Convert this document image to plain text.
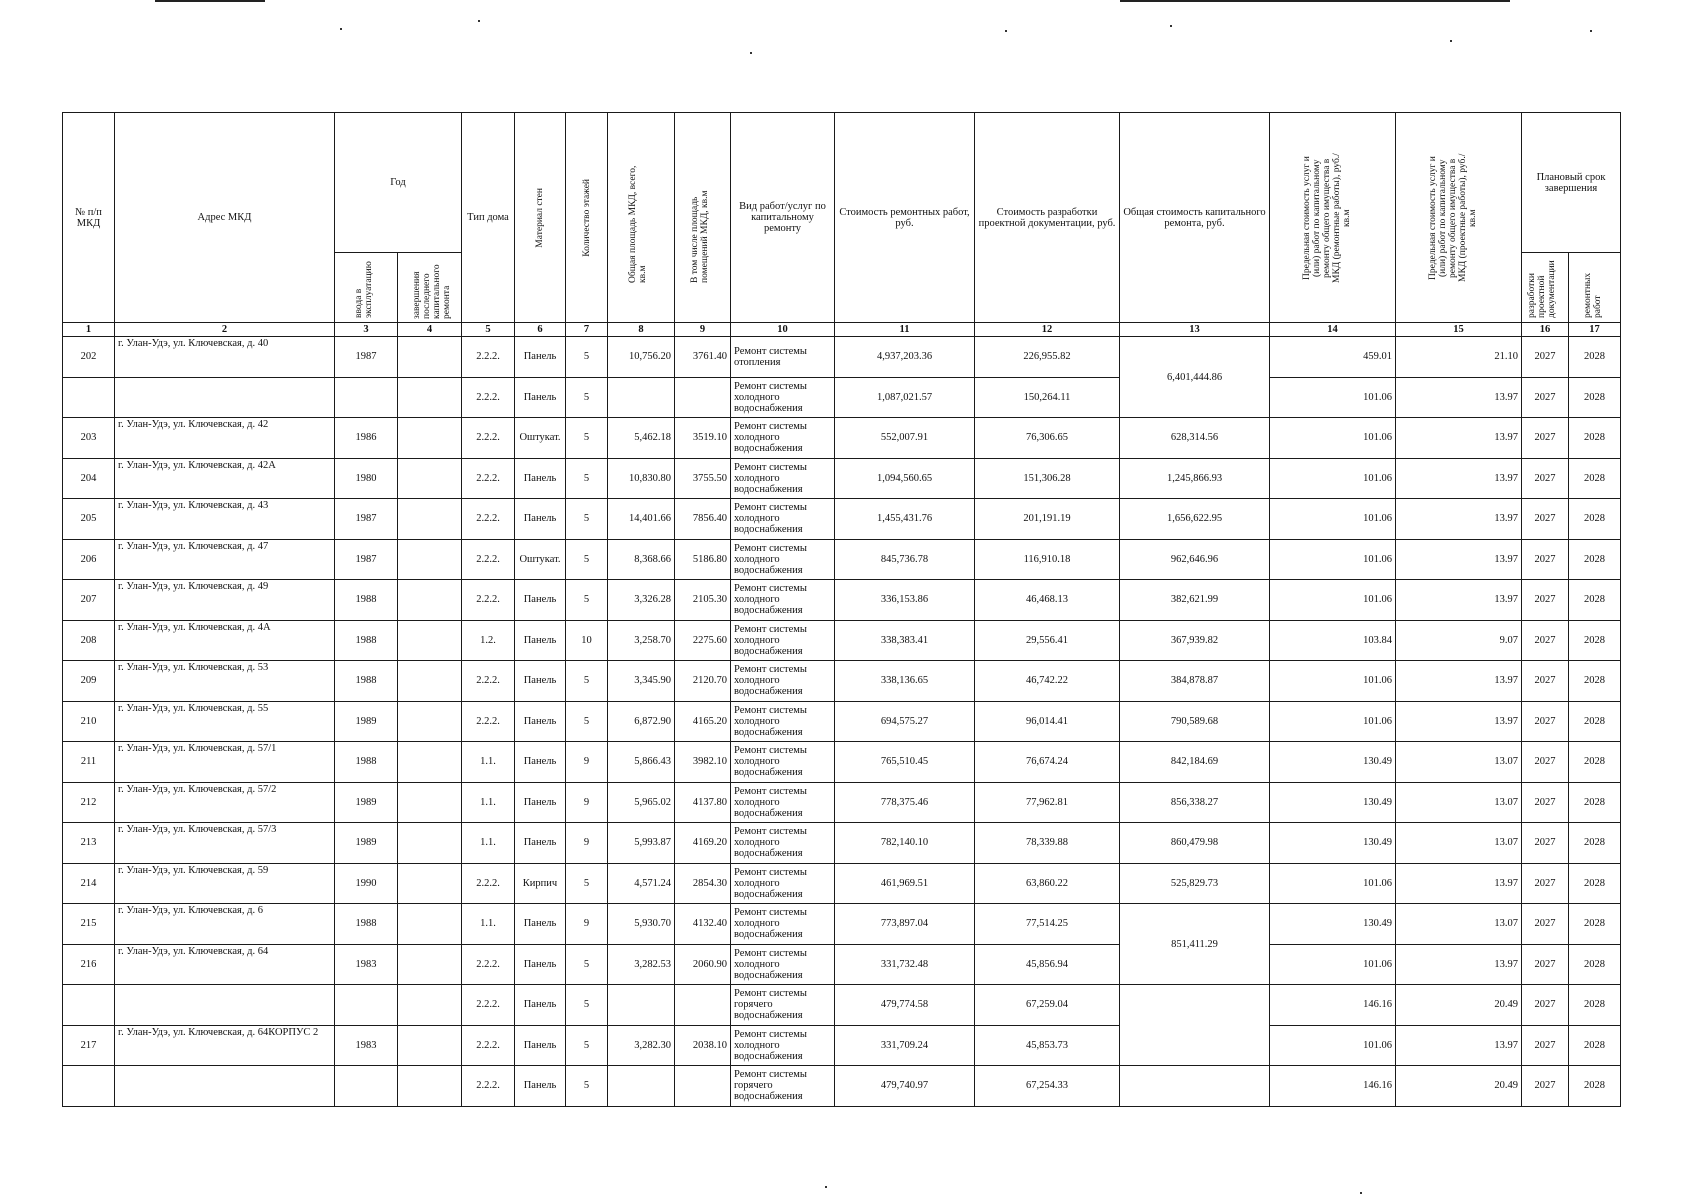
№ п/п МКД	Адрес МКД	Год		Тип дома	Материал стен	Количество этажей	Общая площадь МКД, всего, кв.м	В том числе площадь помещений МКД, кв.м	Вид работ/услуг по капитальному ремонту	Стоимость ремонтных работ, руб.	Стоимость разработки проектной документации, руб.	Общая стоимость капитального ремонта, руб.	Предельная стоимость услуг и (или) работ по капитальному ремонту общего имущества в МКД (ремонтные работы), руб./кв.м	Предельная стоимость услуг и (или) работ по капитальному ремонту общего имущества в МКД (проектные работы), руб./кв.м	Плановый срок завершения	

		ввода в эксплуатацию	завершения последнего капитального ремонта												разработки проектной документации	ремонтных работ

1	2	3	4	5	6	7	8	9	10	11	12	13	14	15	16	17
202	г. Улан-Удэ, ул. Ключевская, д. 40	1987		2.2.2.	Панель	5	10,756.20	3761.40	Ремонт системы отопления	4,937,203.36	226,955.82	6,401,444.86	459.01	21.10	2027	2028
				2.2.2.	Панель	5			Ремонт системы холодного водоснабжения	1,087,021.57	150,264.11		101.06	13.97	2027	2028
203	г. Улан-Удэ, ул. Ключевская, д. 42	1986		2.2.2.	Оштукат.	5	5,462.18	3519.10	Ремонт системы холодного водоснабжения	552,007.91	76,306.65	628,314.56	101.06	13.97	2027	2028
204	г. Улан-Удэ, ул. Ключевская, д. 42А	1980		2.2.2.	Панель	5	10,830.80	3755.50	Ремонт системы холодного водоснабжения	1,094,560.65	151,306.28	1,245,866.93	101.06	13.97	2027	2028
205	г. Улан-Удэ, ул. Ключевская, д. 43	1987		2.2.2.	Панель	5	14,401.66	7856.40	Ремонт системы холодного водоснабжения	1,455,431.76	201,191.19	1,656,622.95	101.06	13.97	2027	2028
206	г. Улан-Удэ, ул. Ключевская, д. 47	1987		2.2.2.	Оштукат.	5	8,368.66	5186.80	Ремонт системы холодного водоснабжения	845,736.78	116,910.18	962,646.96	101.06	13.97	2027	2028
207	г. Улан-Удэ, ул. Ключевская, д. 49	1988		2.2.2.	Панель	5	3,326.28	2105.30	Ремонт системы холодного водоснабжения	336,153.86	46,468.13	382,621.99	101.06	13.97	2027	2028
208	г. Улан-Удэ, ул. Ключевская, д. 4А	1988		1.2.	Панель	10	3,258.70	2275.60	Ремонт системы холодного водоснабжения	338,383.41	29,556.41	367,939.82	103.84	9.07	2027	2028
209	г. Улан-Удэ, ул. Ключевская, д. 53	1988		2.2.2.	Панель	5	3,345.90	2120.70	Ремонт системы холодного водоснабжения	338,136.65	46,742.22	384,878.87	101.06	13.97	2027	2028
210	г. Улан-Удэ, ул. Ключевская, д. 55	1989		2.2.2.	Панель	5	6,872.90	4165.20	Ремонт системы холодного водоснабжения	694,575.27	96,014.41	790,589.68	101.06	13.97	2027	2028
211	г. Улан-Удэ, ул. Ключевская, д. 57/1	1988		1.1.	Панель	9	5,866.43	3982.10	Ремонт системы холодного водоснабжения	765,510.45	76,674.24	842,184.69	130.49	13.07	2027	2028
212	г. Улан-Удэ, ул. Ключевская, д. 57/2	1989		1.1.	Панель	9	5,965.02	4137.80	Ремонт системы холодного водоснабжения	778,375.46	77,962.81	856,338.27	130.49	13.07	2027	2028
213	г. Улан-Удэ, ул. Ключевская, д. 57/3	1989		1.1.	Панель	9	5,993.87	4169.20	Ремонт системы холодного водоснабжения	782,140.10	78,339.88	860,479.98	130.49	13.07	2027	2028
214	г. Улан-Удэ, ул. Ключевская, д. 59	1990		2.2.2.	Кирпич	5	4,571.24	2854.30	Ремонт системы холодного водоснабжения	461,969.51	63,860.22	525,829.73	101.06	13.97	2027	2028
215	г. Улан-Удэ, ул. Ключевская, д. 6	1988		1.1.	Панель	9	5,930.70	4132.40	Ремонт системы холодного водоснабжения	773,897.04	77,514.25	851,411.29	130.49	13.07	2027	2028
216	г. Улан-Удэ, ул. Ключевская, д. 64	1983		2.2.2.	Панель	5	3,282.53	2060.90	Ремонт системы холодного водоснабжения	331,732.48	45,856.94		101.06	13.97	2027	2028
				2.2.2.	Панель	5			Ремонт системы горячего водоснабжения	479,774.58	67,259.04		146.16	20.49	2027	2028
217	г. Улан-Удэ, ул. Ключевская, д. 64КОРПУС 2	1983		2.2.2.	Панель	5	3,282.30	2038.10	Ремонт системы холодного водоснабжения	331,709.24	45,853.73		101.06	13.97	2027	2028
				2.2.2.	Панель	5			Ремонт системы горячего водоснабжения	479,740.97	67,254.33		146.16	20.49	2027	2028
